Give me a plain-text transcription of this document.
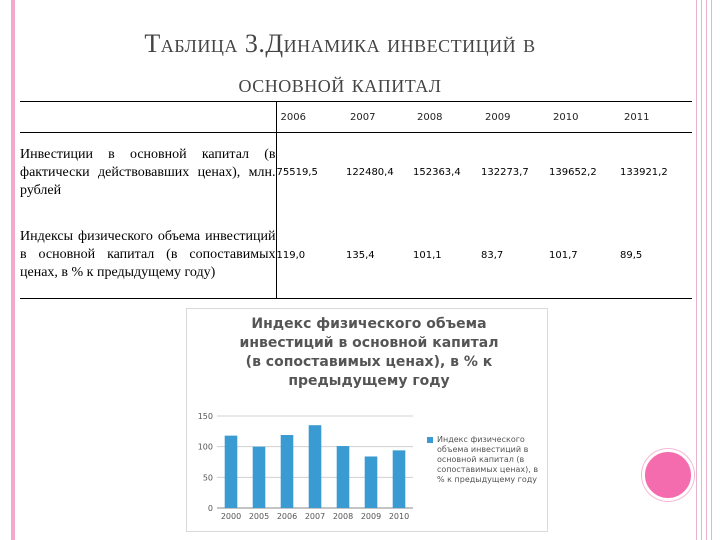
Таблица 3.Динамика инвестиций в
основной капитал
	2006	2007	2008	2009	2010	2011
Инвестиции в основной капитал (в фактически действовавших ценах), млн. рублей	75519,5	122480,4	152363,4	132273,7	139652,2	133921,2
Индексы физического объема инвестиций в основной капитал (в сопоставимых ценах, в % к предыдущему году)	119,0	135,4	101,1	83,7	101,7	89,5
Индекс физического объема инвестиций в основной капитал (в сопоставимых ценах), в % к предыдущему году
0
50
100
150
2000 2005 2006 2007 2008 2009 2010
Индекс физического объема инвестиций в основной капитал (в сопоставимых ценах), в % к предыдущему году
